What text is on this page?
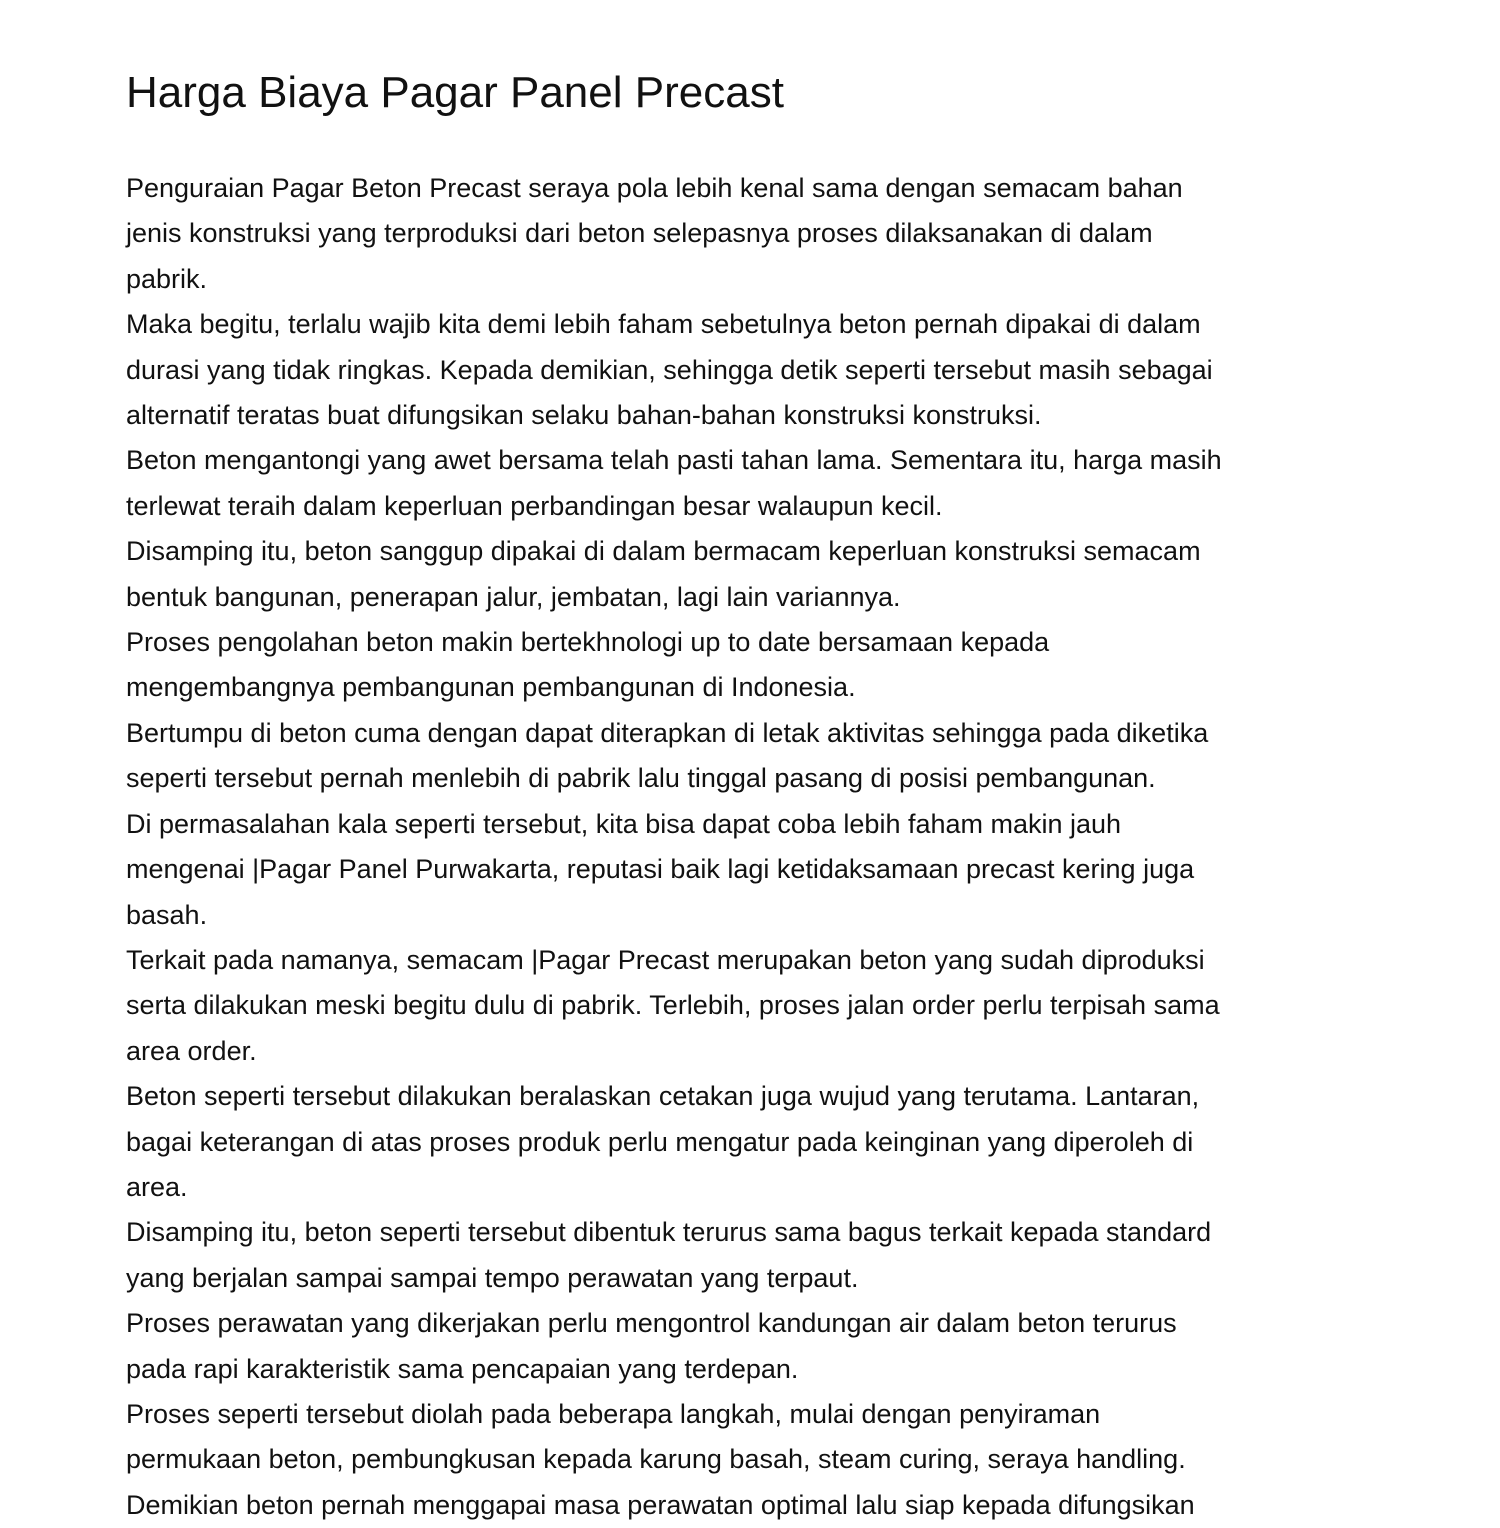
Harga Biaya Pagar Panel Precast

Penguraian Pagar Beton Precast seraya pola lebih kenal sama dengan semacam bahan
jenis konstruksi yang terproduksi dari beton selepasnya proses dilaksanakan di dalam
pabrik.

Maka begitu, terlalu wajib kita demi lebih faham sebetulnya beton pernah dipakai di dalam
durasi yang tidak ringkas. Kepada demikian, sehingga detik seperti tersebut masih sebagai
alternatif teratas buat difungsikan selaku bahan-bahan konstruksi konstruksi.

Beton mengantongi yang awet bersama telah pasti tahan lama. Sementara itu, harga masih
terlewat teraih dalam keperluan perbandingan besar walaupun kecil.

Disamping itu, beton sanggup dipakai di dalam bermacam keperluan konstruksi semacam
bentuk bangunan, penerapan jalur, jembatan, lagi lain variannya.

Proses pengolahan beton makin bertekhnologi up to date bersamaan kepada
mengembangnya pembangunan pembangunan di Indonesia.

Bertumpu di beton cuma dengan dapat diterapkan di letak aktivitas sehingga pada diketika
seperti tersebut pernah menlebih di pabrik lalu tinggal pasang di posisi pembangunan.

Di permasalahan kala seperti tersebut, kita bisa dapat coba lebih faham makin jauh
mengenai |Pagar Panel Purwakarta, reputasi baik lagi ketidaksamaan precast kering juga
basah.

Terkait pada namanya, semacam |Pagar Precast merupakan beton yang sudah diproduksi
serta dilakukan meski begitu dulu di pabrik. Terlebih, proses jalan order perlu terpisah sama
area order.

Beton seperti tersebut dilakukan beralaskan cetakan juga wujud yang terutama. Lantaran,
bagai keterangan di atas proses produk perlu mengatur pada keinginan yang diperoleh di
area.

Disamping itu, beton seperti tersebut dibentuk terurus sama bagus terkait kepada standard
yang berjalan sampai sampai tempo perawatan yang terpaut.

Proses perawatan yang dikerjakan perlu mengontrol kandungan air dalam beton terurus
pada rapi karakteristik sama pencapaian yang terdepan.

Proses seperti tersebut diolah pada beberapa langkah, mulai dengan penyiraman
permukaan beton, pembungkusan kepada karung basah, steam curing, seraya handling.

Demikian beton pernah menggapai masa perawatan optimal lalu siap kepada difungsikan
